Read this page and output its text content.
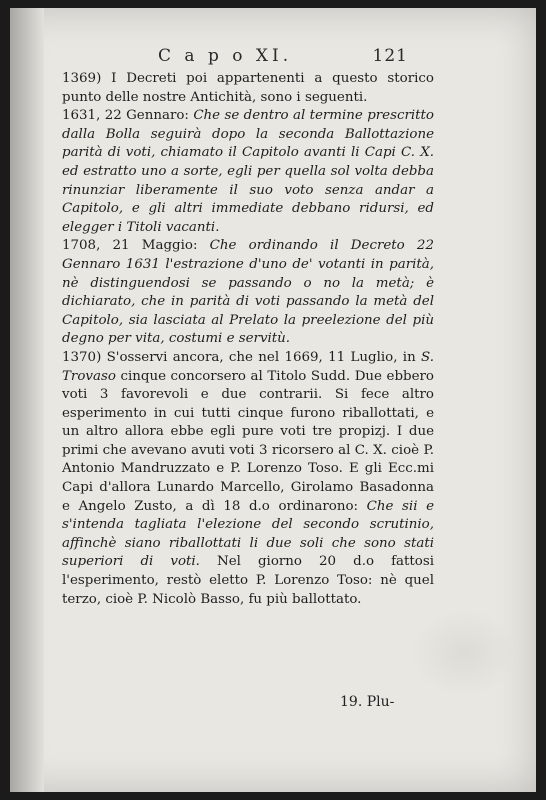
C a p o XI.	121

1369) I Decreti poi appartenenti a questo storico punto delle nostre Antichità, sono i seguenti.

1631, 22 Gennaro: Che se dentro al termine prescritto dalla Bolla seguirà dopo la seconda Ballottazione parità di voti, chiamato il Capitolo avanti li Capi C. X. ed estratto uno a sorte, egli per quella sol volta debba rinunziar liberamente il suo voto senza andar a Capitolo, e gli altri immediate debbano ridursi, ed elegger i Titoli vacanti.

1708, 21 Maggio: Che ordinando il Decreto 22 Gennaro 1631 l'estrazione d'uno de' votanti in parità, nè distinguendosi se passando o no la metà; è dichiarato, che in parità di voti passando la metà del Capitolo, sia lasciata al Prelato la preelezione del più degno per vita, costumi e servitù.

1370) S'osservi ancora, che nel 1669, 11 Luglio, in S. Trovaso cinque concorsero al Titolo Sudd. Due ebbero voti 3 favorevoli e due contrarii. Si fece altro esperimento in cui tutti cinque furono riballottati, e un altro allora ebbe egli pure voti tre propizj. I due primi che avevano avuti voti 3 ricorsero al C. X. cioè P. Antonio Mandruzzato e P. Lorenzo Toso. E gli Ecc.mi Capi d'allora Lunardo Marcello, Girolamo Basadonna e Angelo Zusto, a dì 18 d.o ordinarono: Che sii e s'intenda tagliata l'elezione del secondo scrutinio, affinchè siano riballottati li due soli che sono stati superiori di voti. Nel giorno 20 d.o fattosi l'esperimento, restò eletto P. Lorenzo Toso: nè quel terzo, cioè P. Nicolò Basso, fu più ballottato.

19. Plu-
